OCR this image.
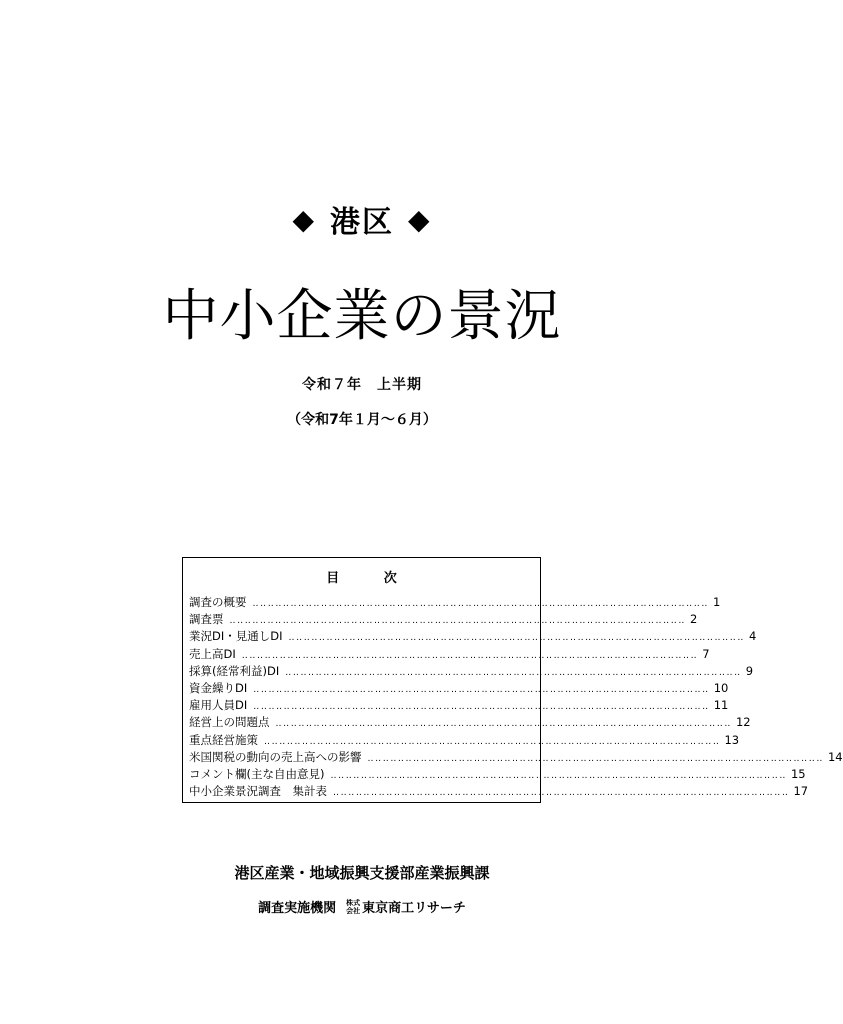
◆ 港区 ◆
中小企業の景況
令和７年　上半期
（令和7年１月～６月）
目 次
調査の概要 ‥‥‥‥‥‥‥‥‥‥‥‥‥‥‥‥‥‥‥‥‥‥‥‥‥‥‥‥‥‥‥‥‥‥‥‥‥‥‥‥‥‥‥‥‥‥‥‥‥‥‥‥‥‥‥‥‥‥‥‥ 1
調査票 ‥‥‥‥‥‥‥‥‥‥‥‥‥‥‥‥‥‥‥‥‥‥‥‥‥‥‥‥‥‥‥‥‥‥‥‥‥‥‥‥‥‥‥‥‥‥‥‥‥‥‥‥‥‥‥‥‥‥‥‥ 2
業況DI・見通しDI ‥‥‥‥‥‥‥‥‥‥‥‥‥‥‥‥‥‥‥‥‥‥‥‥‥‥‥‥‥‥‥‥‥‥‥‥‥‥‥‥‥‥‥‥‥‥‥‥‥‥‥‥‥‥‥‥‥‥‥‥ 4
売上高DI ‥‥‥‥‥‥‥‥‥‥‥‥‥‥‥‥‥‥‥‥‥‥‥‥‥‥‥‥‥‥‥‥‥‥‥‥‥‥‥‥‥‥‥‥‥‥‥‥‥‥‥‥‥‥‥‥‥‥‥‥ 7
採算(経常利益)DI ‥‥‥‥‥‥‥‥‥‥‥‥‥‥‥‥‥‥‥‥‥‥‥‥‥‥‥‥‥‥‥‥‥‥‥‥‥‥‥‥‥‥‥‥‥‥‥‥‥‥‥‥‥‥‥‥‥‥‥‥ 9
資金繰りDI ‥‥‥‥‥‥‥‥‥‥‥‥‥‥‥‥‥‥‥‥‥‥‥‥‥‥‥‥‥‥‥‥‥‥‥‥‥‥‥‥‥‥‥‥‥‥‥‥‥‥‥‥‥‥‥‥‥‥‥‥ 10
雇用人員DI ‥‥‥‥‥‥‥‥‥‥‥‥‥‥‥‥‥‥‥‥‥‥‥‥‥‥‥‥‥‥‥‥‥‥‥‥‥‥‥‥‥‥‥‥‥‥‥‥‥‥‥‥‥‥‥‥‥‥‥‥ 11
経営上の問題点 ‥‥‥‥‥‥‥‥‥‥‥‥‥‥‥‥‥‥‥‥‥‥‥‥‥‥‥‥‥‥‥‥‥‥‥‥‥‥‥‥‥‥‥‥‥‥‥‥‥‥‥‥‥‥‥‥‥‥‥‥ 12
重点経営施策 ‥‥‥‥‥‥‥‥‥‥‥‥‥‥‥‥‥‥‥‥‥‥‥‥‥‥‥‥‥‥‥‥‥‥‥‥‥‥‥‥‥‥‥‥‥‥‥‥‥‥‥‥‥‥‥‥‥‥‥‥ 13
米国関税の動向の売上高への影響 ‥‥‥‥‥‥‥‥‥‥‥‥‥‥‥‥‥‥‥‥‥‥‥‥‥‥‥‥‥‥‥‥‥‥‥‥‥‥‥‥‥‥‥‥‥‥‥‥‥‥‥‥‥‥‥‥‥‥‥‥ 14
コメント欄(主な自由意見) ‥‥‥‥‥‥‥‥‥‥‥‥‥‥‥‥‥‥‥‥‥‥‥‥‥‥‥‥‥‥‥‥‥‥‥‥‥‥‥‥‥‥‥‥‥‥‥‥‥‥‥‥‥‥‥‥‥‥‥‥ 15
中小企業景況調査　集計表 ‥‥‥‥‥‥‥‥‥‥‥‥‥‥‥‥‥‥‥‥‥‥‥‥‥‥‥‥‥‥‥‥‥‥‥‥‥‥‥‥‥‥‥‥‥‥‥‥‥‥‥‥‥‥‥‥‥‥‥‥ 17
港区産業・地域振興支援部産業振興課
調査実施機関 株式
会社 東京商工リサーチ
